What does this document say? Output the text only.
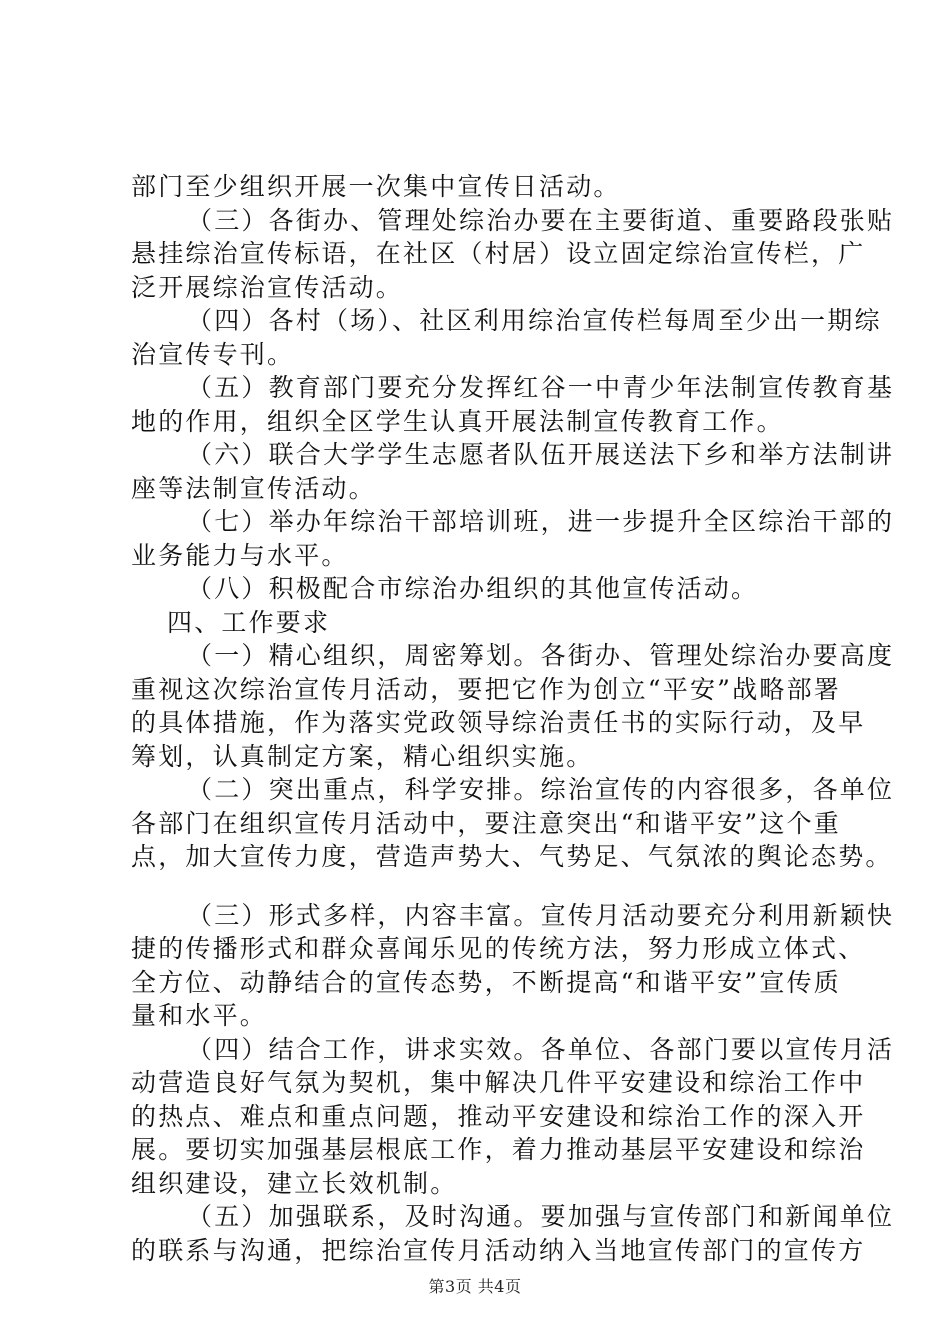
部门至少组织开展一次集中宣传日活动。
（三）各街办、管理处综治办要在主要街道、重要路段张贴
悬挂综治宣传标语，在社区（村居）设立固定综治宣传栏，广
泛开展综治宣传活动。
（四）各村（场）、社区利用综治宣传栏每周至少出一期综
治宣传专刊。
（五）教育部门要充分发挥红谷一中青少年法制宣传教育基
地的作用，组织全区学生认真开展法制宣传教育工作。
（六）联合大学学生志愿者队伍开展送法下乡和举方法制讲
座等法制宣传活动。
（七）举办年综治干部培训班，进一步提升全区综治干部的
业务能力与水平。
（八）积极配合市综治办组织的其他宣传活动。
四、工作要求
（一）精心组织，周密筹划。各街办、管理处综治办要高度
重视这次综治宣传月活动，要把它作为创立“平安”战略部署
的具体措施，作为落实党政领导综治责任书的实际行动，及早
筹划，认真制定方案，精心组织实施。
（二）突出重点，科学安排。综治宣传的内容很多，各单位
各部门在组织宣传月活动中，要注意突出“和谐平安”这个重
点，加大宣传力度，营造声势大、气势足、气氛浓的舆论态势。
（三）形式多样，内容丰富。宣传月活动要充分利用新颖快
捷的传播形式和群众喜闻乐见的传统方法，努力形成立体式、
全方位、动静结合的宣传态势，不断提高“和谐平安”宣传质
量和水平。
（四）结合工作，讲求实效。各单位、各部门要以宣传月活
动营造良好气氛为契机，集中解决几件平安建设和综治工作中
的热点、难点和重点问题，推动平安建设和综治工作的深入开
展。要切实加强基层根底工作，着力推动基层平安建设和综治
组织建设，建立长效机制。
（五）加强联系，及时沟通。要加强与宣传部门和新闻单位
的联系与沟通，把综治宣传月活动纳入当地宣传部门的宣传方
第3页 共4页
